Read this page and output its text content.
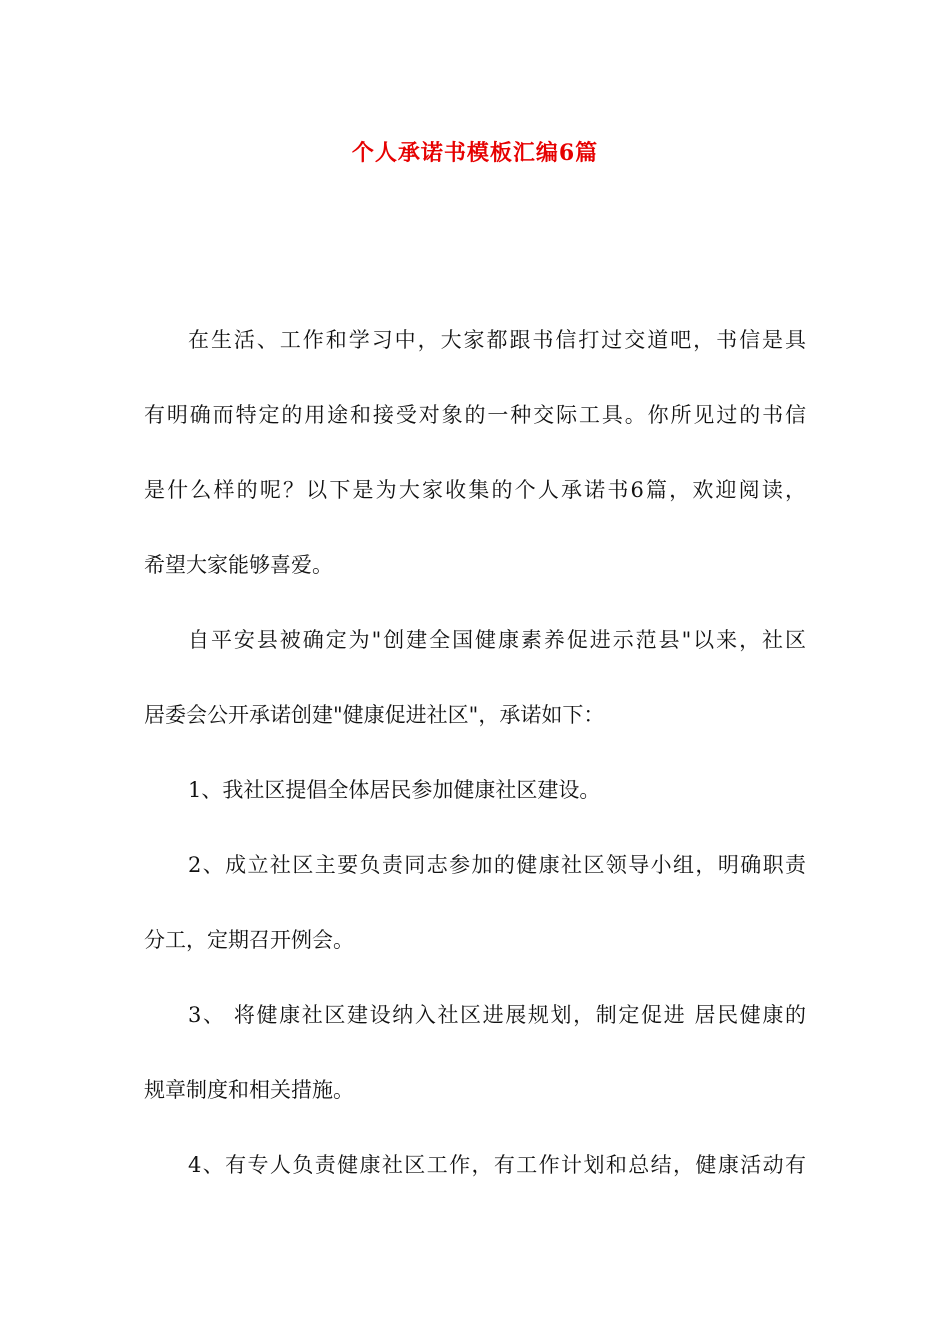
个人承诺书模板汇编6篇

在生活、工作和学习中，大家都跟书信打过交道吧，书信是具

有明确而特定的用途和接受对象的一种交际工具。你所见过的书信

是什么样的呢？以下是为大家收集的个人承诺书6篇，欢迎阅读，

希望大家能够喜爱。

自平安县被确定为"创建全国健康素养促进示范县"以来，社区

居委会公开承诺创建"健康促进社区"，承诺如下：

1、我社区提倡全体居民参加健康社区建设。

2、成立社区主要负责同志参加的健康社区领导小组，明确职责

分工，定期召开例会。

3、 将健康社区建设纳入社区进展规划，制定促进 居民健康的

规章制度和相关措施。

4、有专人负责健康社区工作，有工作计划和总结，健康活动有
